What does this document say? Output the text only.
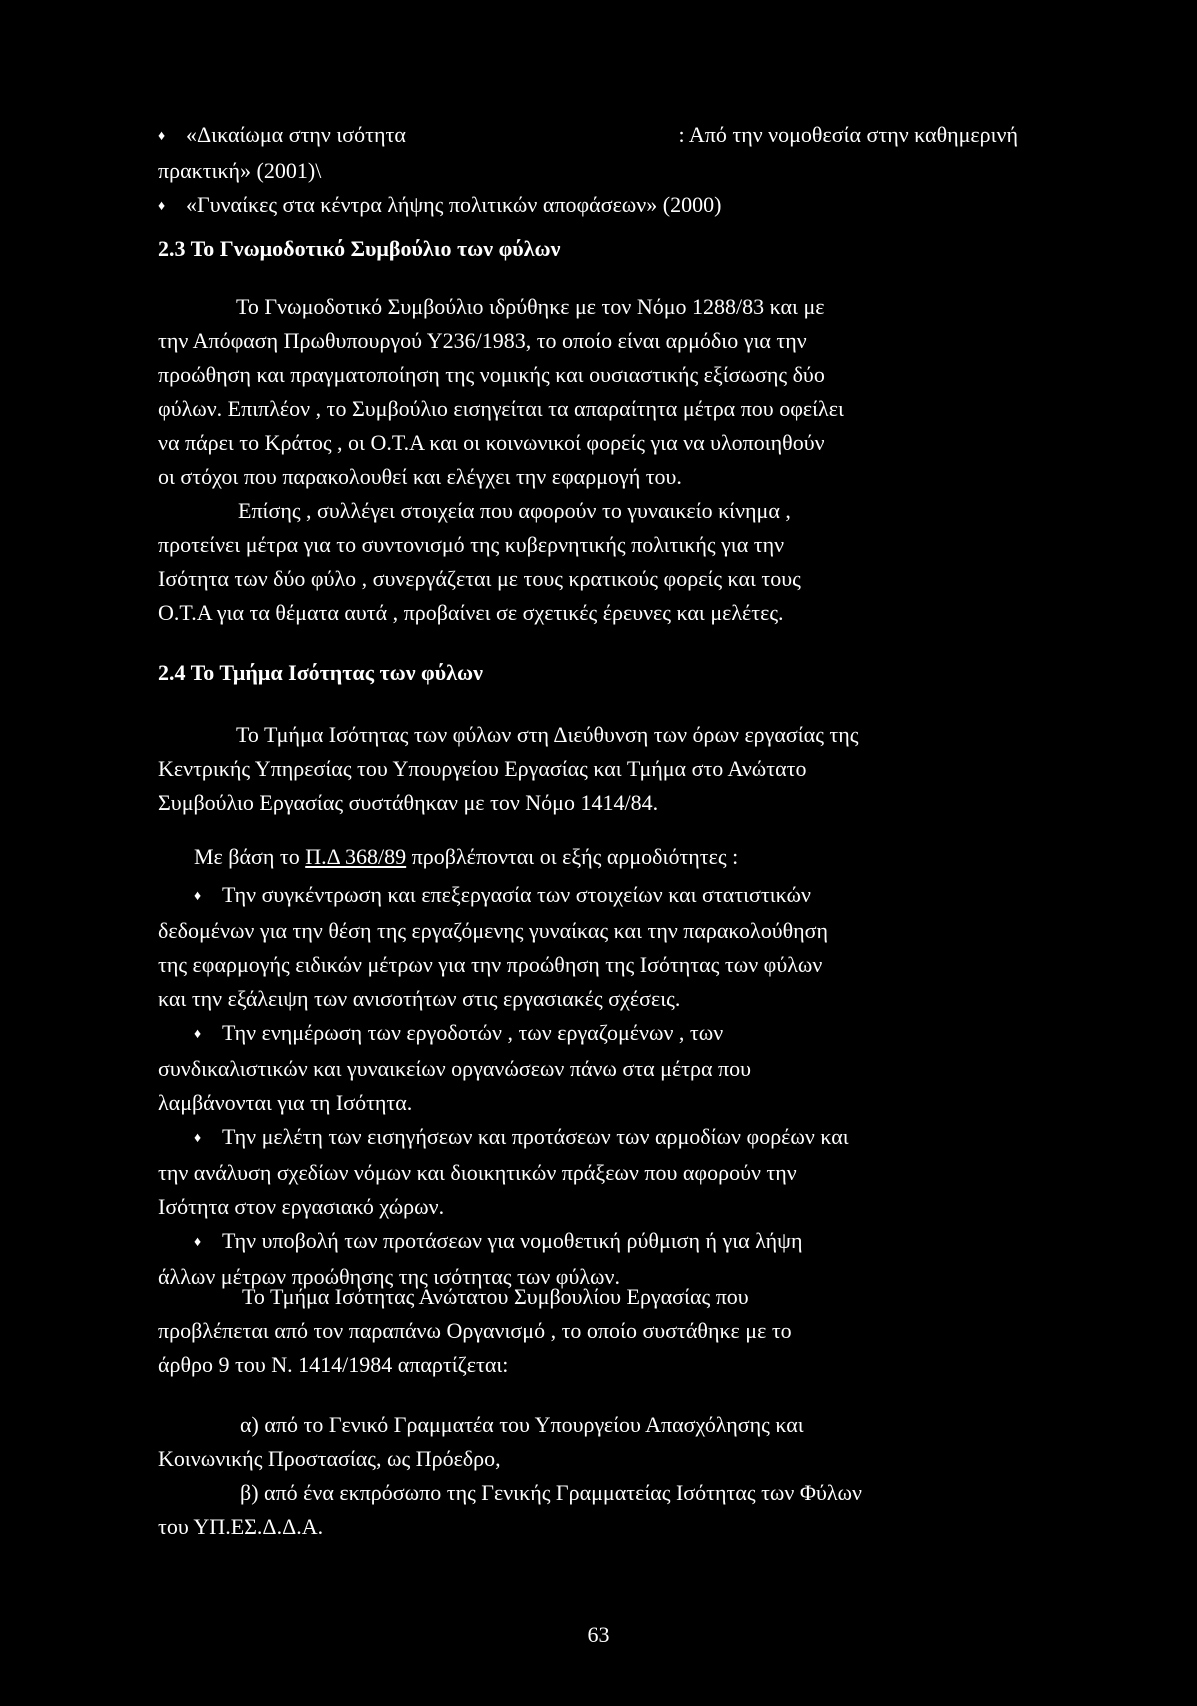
♦ «Δικαίωμα στην ισότητα	: Από την νομοθεσία στην καθημερινή
πρακτική» (2001)\
♦ «Γυναίκες στα κέντρα λήψης πολιτικών αποφάσεων» (2000)
2.3 Το Γνωμοδοτικό Συμβούλιο των φύλων
Το Γνωμοδοτικό Συμβούλιο ιδρύθηκε με τον Νόμο 1288/83 και με
την Απόφαση Πρωθυπουργού Υ236/1983, το οποίο είναι αρμόδιο για την
προώθηση και πραγματοποίηση της νομικής και ουσιαστικής εξίσωσης δύο
φύλων. Επιπλέον , το Συμβούλιο εισηγείται τα απαραίτητα μέτρα που οφείλει
να πάρει το Κράτος , οι Ο.Τ.Α και οι κοινωνικοί φορείς για να υλοποιηθούν
οι στόχοι που παρακολουθεί και ελέγχει την εφαρμογή του.
Επίσης , συλλέγει στοιχεία που αφορούν το γυναικείο κίνημα ,
προτείνει μέτρα για το συντονισμό της κυβερνητικής πολιτικής για την
Ισότητα των δύο φύλο , συνεργάζεται με τους κρατικούς φορείς και τους
Ο.Τ.Α για τα θέματα αυτά , προβαίνει σε σχετικές έρευνες και μελέτες.
2.4 Το Τμήμα Ισότητας των φύλων
Το Τμήμα Ισότητας των φύλων στη Διεύθυνση των όρων εργασίας της
Κεντρικής Υπηρεσίας του Υπουργείου Εργασίας και Τμήμα στο Ανώτατο
Συμβούλιο Εργασίας συστάθηκαν με τον Νόμο 1414/84.
Με βάση το Π.Δ 368/89 προβλέπονται οι εξής αρμοδιότητες :
♦ Την συγκέντρωση και επεξεργασία των στοιχείων και στατιστικών
δεδομένων για την θέση της εργαζόμενης γυναίκας και την παρακολούθηση
της εφαρμογής ειδικών μέτρων για την προώθηση της Ισότητας των φύλων
και την εξάλειψη των ανισοτήτων στις εργασιακές σχέσεις.
♦ Την ενημέρωση των εργοδοτών , των εργαζομένων , των
συνδικαλιστικών και γυναικείων οργανώσεων πάνω στα μέτρα που
λαμβάνονται για τη Ισότητα.
♦ Την μελέτη των εισηγήσεων και προτάσεων των αρμοδίων φορέων και
την ανάλυση σχεδίων νόμων και διοικητικών πράξεων που αφορούν την
Ισότητα στον εργασιακό χώρων.
♦ Την υποβολή των προτάσεων για νομοθετική ρύθμιση ή για λήψη
άλλων μέτρων προώθησης της ισότητας των φύλων.
Το Τμήμα Ισότητας Ανώτατου Συμβουλίου Εργασίας που
προβλέπεται από τον παραπάνω Οργανισμό , το οποίο συστάθηκε με το
άρθρο 9 του Ν. 1414/1984 απαρτίζεται:
α) από το Γενικό Γραμματέα του Υπουργείου Απασχόλησης και
Κοινωνικής Προστασίας, ως Πρόεδρο,
β) από ένα εκπρόσωπο της Γενικής Γραμματείας Ισότητας των Φύλων
του ΥΠ.ΕΣ.Δ.Δ.Α.
63
